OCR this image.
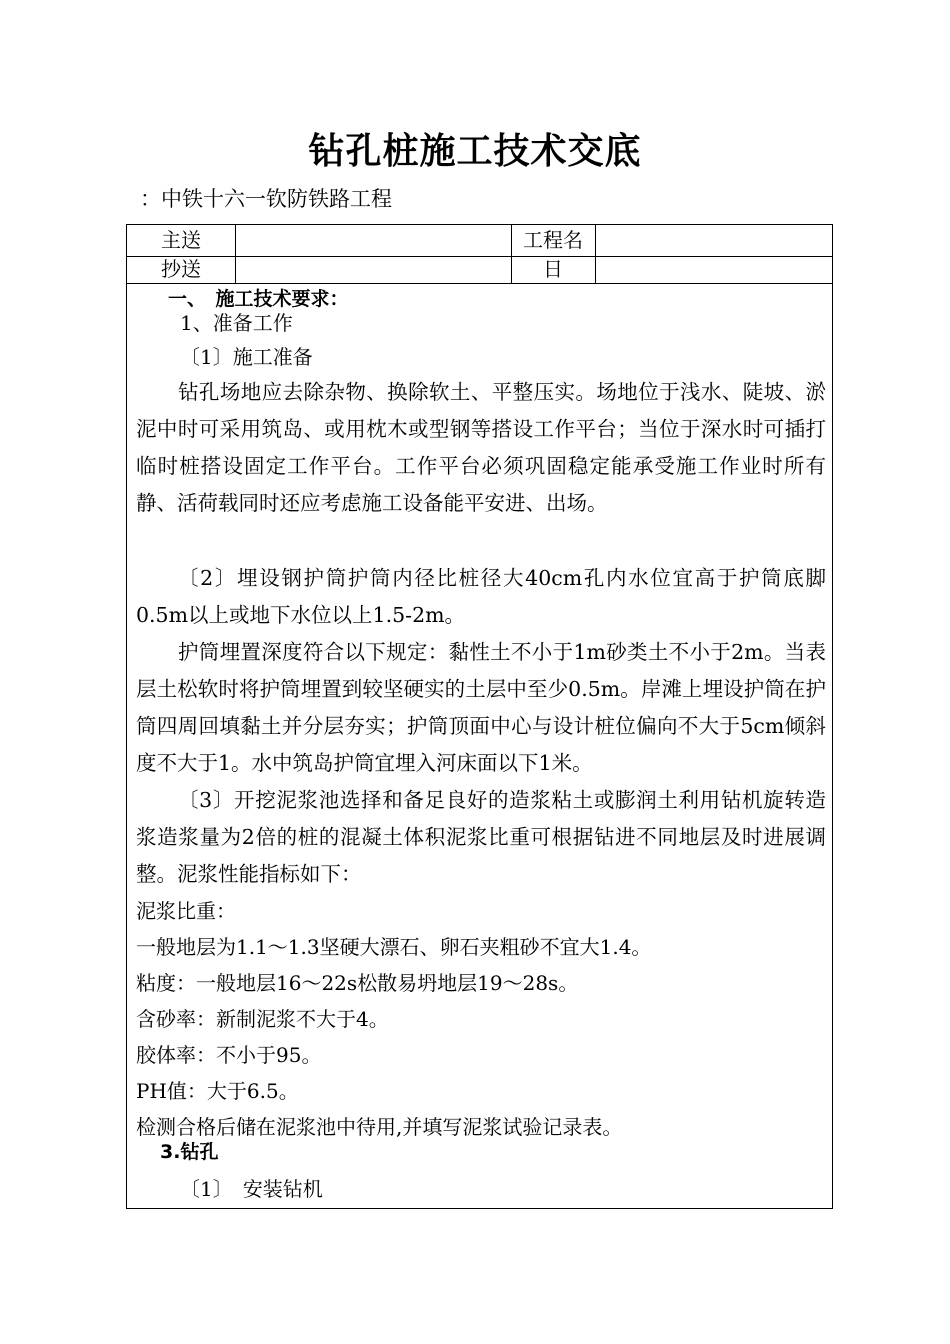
钻孔桩施工技术交底
：中铁十六一钦防铁路工程
主送	工程名
抄送	日
一、　施工技术要求：
1、准备工作
〔1〕施工准备

钻孔场地应去除杂物、换除软土、平整压实。场地位于浅水、陡坡、淤泥中时可采用筑岛、或用枕木或型钢等搭设工作平台；当位于深水时可插打临时桩搭设固定工作平台。工作平台必须巩固稳定能承受施工作业时所有静、活荷载同时还应考虑施工设备能平安进、出场。

〔2〕埋设钢护筒护筒内径比桩径大40cm孔内水位宜高于护筒底脚0.5m以上或地下水位以上1.5-2m。

护筒埋置深度符合以下规定：黏性土不小于1m砂类土不小于2m。当表层土松软时将护筒埋置到较坚硬实的土层中至少0.5m。岸滩上埋设护筒在护筒四周回填黏土并分层夯实；护筒顶面中心与设计桩位偏向不大于5cm倾斜度不大于1。水中筑岛护筒宜埋入河床面以下1米。

〔3〕开挖泥浆池选择和备足良好的造浆粘土或膨润土利用钻机旋转造浆造浆量为2倍的桩的混凝土体积泥浆比重可根据钻进不同地层及时进展调整。泥浆性能指标如下：

泥浆比重：

一般地层为1.1～1.3坚硬大漂石、卵石夹粗砂不宜大1.4。

粘度：一般地层16～22s松散易坍地层19～28s。

含砂率：新制泥浆不大于4。

胶体率：不小于95。

PH值：大于6.5。

检测合格后储在泥浆池中待用,并填写泥浆试验记录表。

3.钻孔
〔1〕　安装钻机
